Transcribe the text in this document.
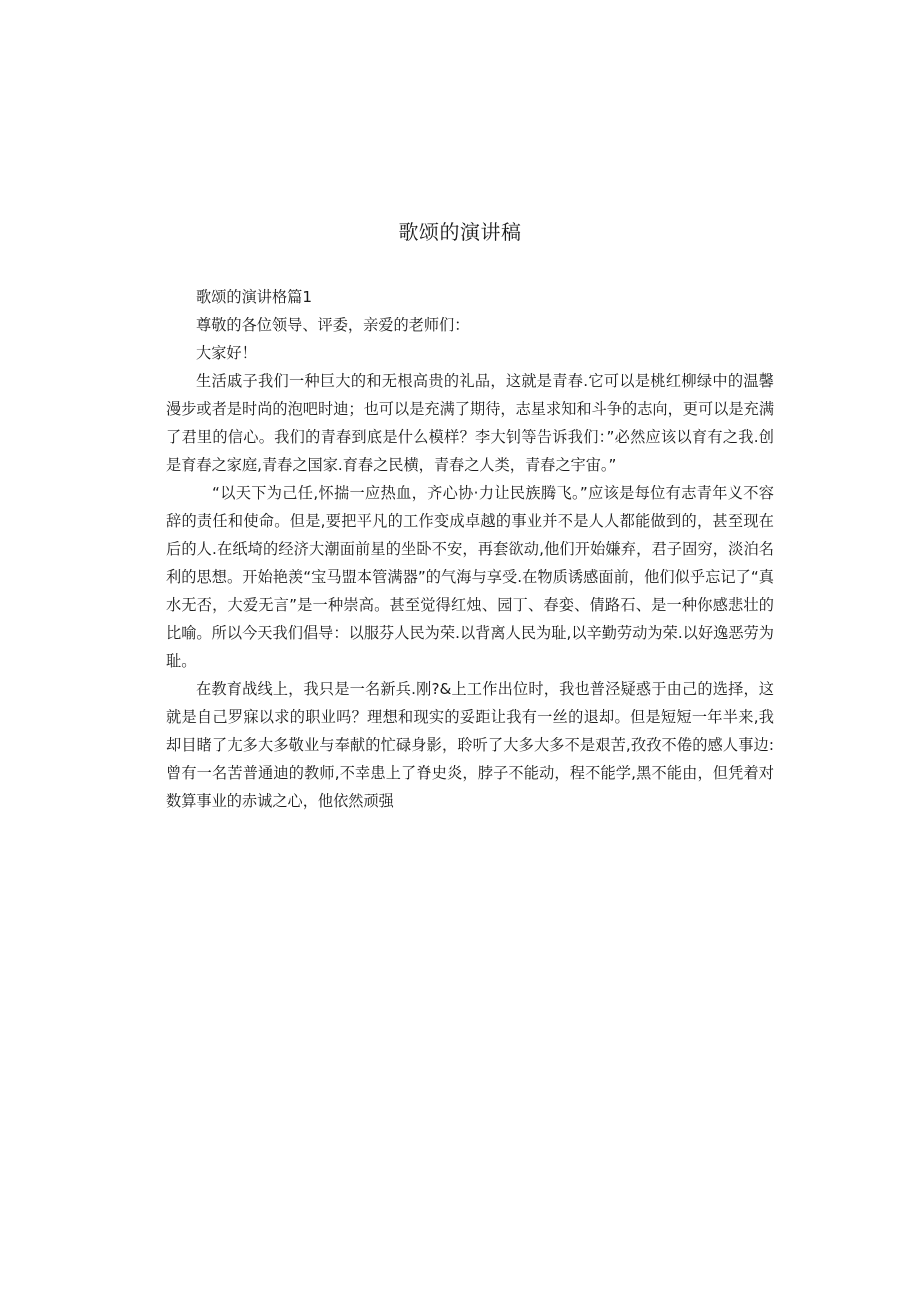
歌颂的演讲稿

歌颂的演讲格篇1

尊敬的各位领导、评委，亲爱的老师们：

大家好！

生活戚子我们一种巨大的和无根高贵的礼品，这就是青春.它可以是桃红柳绿中的温馨漫步或者是时尚的泡吧时迪；也可以是充满了期待，志星求知和斗争的志向，更可以是充满了君里的信心。我们的青春到底是什么模样？李大钊等告诉我们：”必然应该以育有之我.创是育春之家庭,青春之国家.育春之民横，青春之人类，青春之宇宙。”

“以天下为己任,怀揣一应热血，齐心协·力让民族腾飞。”应该是每位有志青年义不容辞的责任和使命。但是,要把平凡的工作变成卓越的事业并不是人人都能做到的，甚至现在后的人.在纸埼的经济大潮面前星的坐卧不安，再套欲动,他们开始嫌弃，君子固穷，淡泊名利的思想。开始艳羡“宝马盟本管满器”的气海与享受.在物质诱感面前，他们似乎忘记了“真水无否，大爱无言”是一种崇高。甚至觉得红烛、园丁、春娈、倩路石、是一种你感悲壮的比喻。所以今天我们倡导：以服芬人民为荣.以背离人民为耻,以辛勤劳动为荣.以好逸恶劳为耻。

在教育战线上，我只是一名新兵.刚?&上工作出位时，我也普泾疑惑于由己的选择，这就是自己罗寐以求的职业吗？理想和现实的妥距让我有一丝的退却。但是短短一年半来,我却目睹了尢多大多敬业与奉献的忙碌身影，聆听了大多大多不是艰苦,孜孜不倦的感人事边:曾有一名苦普通迪的教师,不幸患上了脊史炎，脖子不能动，程不能学,黑不能由，但凭着对数算事业的赤诚之心，他依然顽强
